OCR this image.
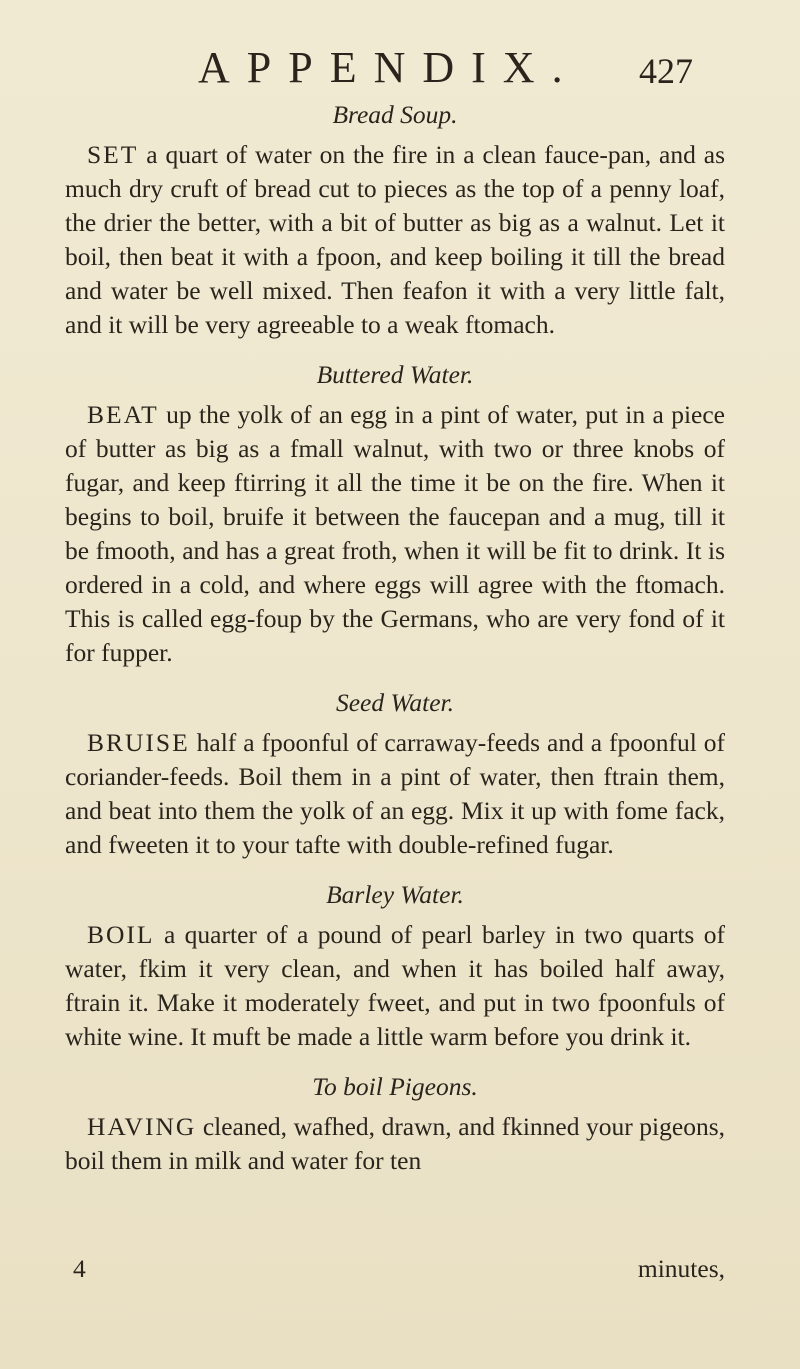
APPENDIX. 427

Bread Soup.

SET a quart of water on the fire in a clean fauce-pan, and as much dry cruft of bread cut to pieces as the top of a penny loaf, the drier the better, with a bit of butter as big as a walnut. Let it boil, then beat it with a fpoon, and keep boiling it till the bread and water be well mixed. Then feafon it with a very little falt, and it will be very agreeable to a weak ftomach.

Buttered Water.

BEAT up the yolk of an egg in a pint of water, put in a piece of butter as big as a fmall walnut, with two or three knobs of fugar, and keep ftirring it all the time it be on the fire. When it begins to boil, bruife it between the faucepan and a mug, till it be fmooth, and has a great froth, when it will be fit to drink. It is ordered in a cold, and where eggs will agree with the ftomach. This is called egg-foup by the Germans, who are very fond of it for fupper.

Seed Water.

BRUISE half a fpoonful of carraway-feeds and a fpoonful of coriander-feeds. Boil them in a pint of water, then ftrain them, and beat into them the yolk of an egg. Mix it up with fome fack, and fweeten it to your tafte with double-refined fugar.

Barley Water.

BOIL a quarter of a pound of pearl barley in two quarts of water, fkim it very clean, and when it has boiled half away, ftrain it. Make it moderately fweet, and put in two fpoonfuls of white wine. It muft be made a little warm before you drink it.

To boil Pigeons.

HAVING cleaned, wafhed, drawn, and fkinned your pigeons, boil them in milk and water for ten

4	minutes,
